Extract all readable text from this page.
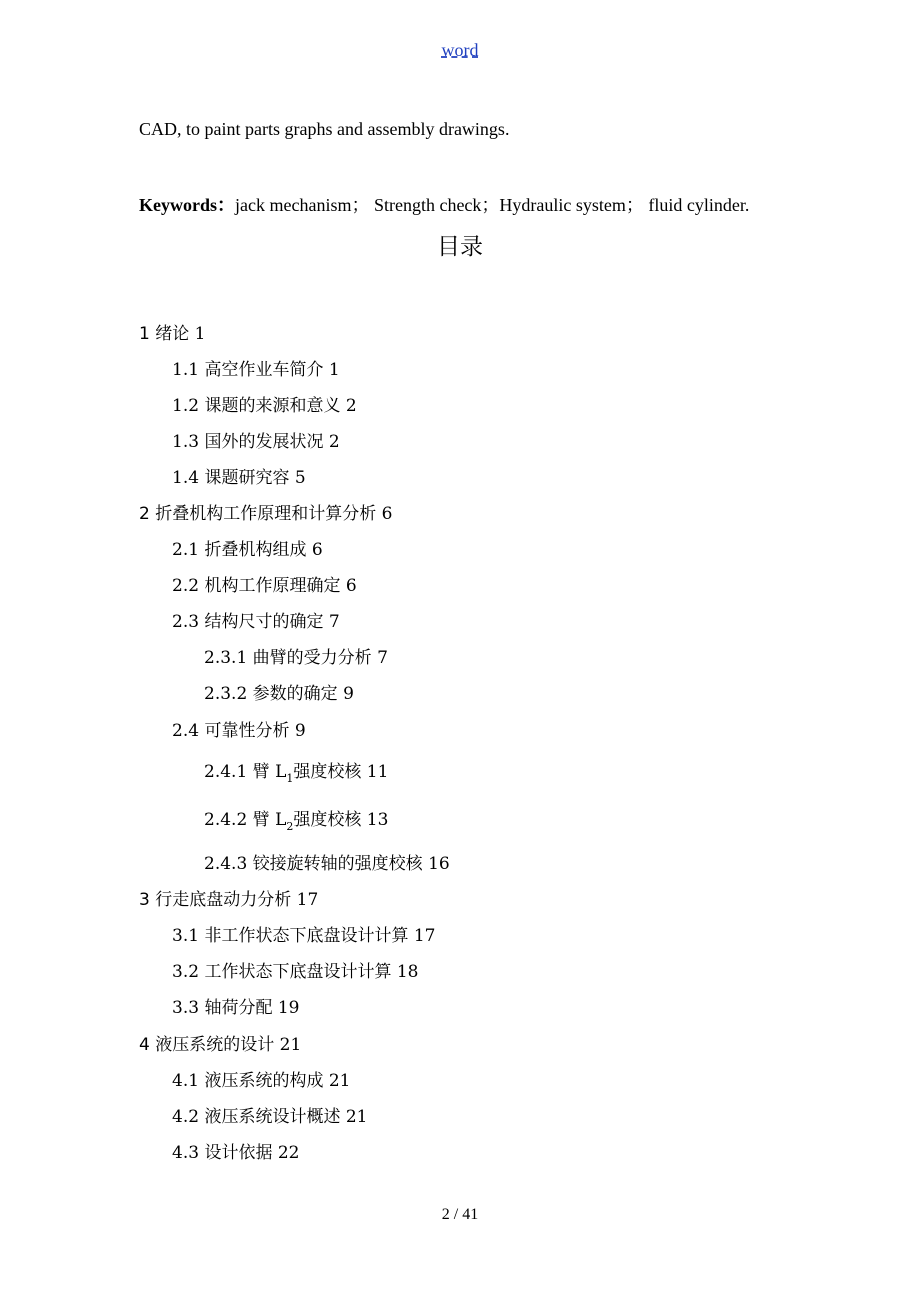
word
CAD, to paint parts graphs and assembly drawings.
Keywords：jack mechanism； Strength check；Hydraulic system； fluid cylinder.
目录
1 绪论 1
1.1 高空作业车简介 1
1.2 课题的来源和意义 2
1.3 国外的发展状况 2
1.4 课题研究容 5
2 折叠机构工作原理和计算分析 6
2.1 折叠机构组成 6
2.2 机构工作原理确定 6
2.3 结构尺寸的确定 7
2.3.1 曲臂的受力分析 7
2.3.2 参数的确定 9
2.4 可靠性分析 9
2.4.1 臂 $L_1$强度校核 11
2.4.2 臂 $L_2$强度校核 13
2.4.3 铰接旋转轴的强度校核 16
3 行走底盘动力分析 17
3.1 非工作状态下底盘设计计算 17
3.2 工作状态下底盘设计计算 18
3.3 轴荷分配 19
4 液压系统的设计 21
4.1 液压系统的构成 21
4.2 液压系统设计概述 21
4.3 设计依据 22
2 / 41
